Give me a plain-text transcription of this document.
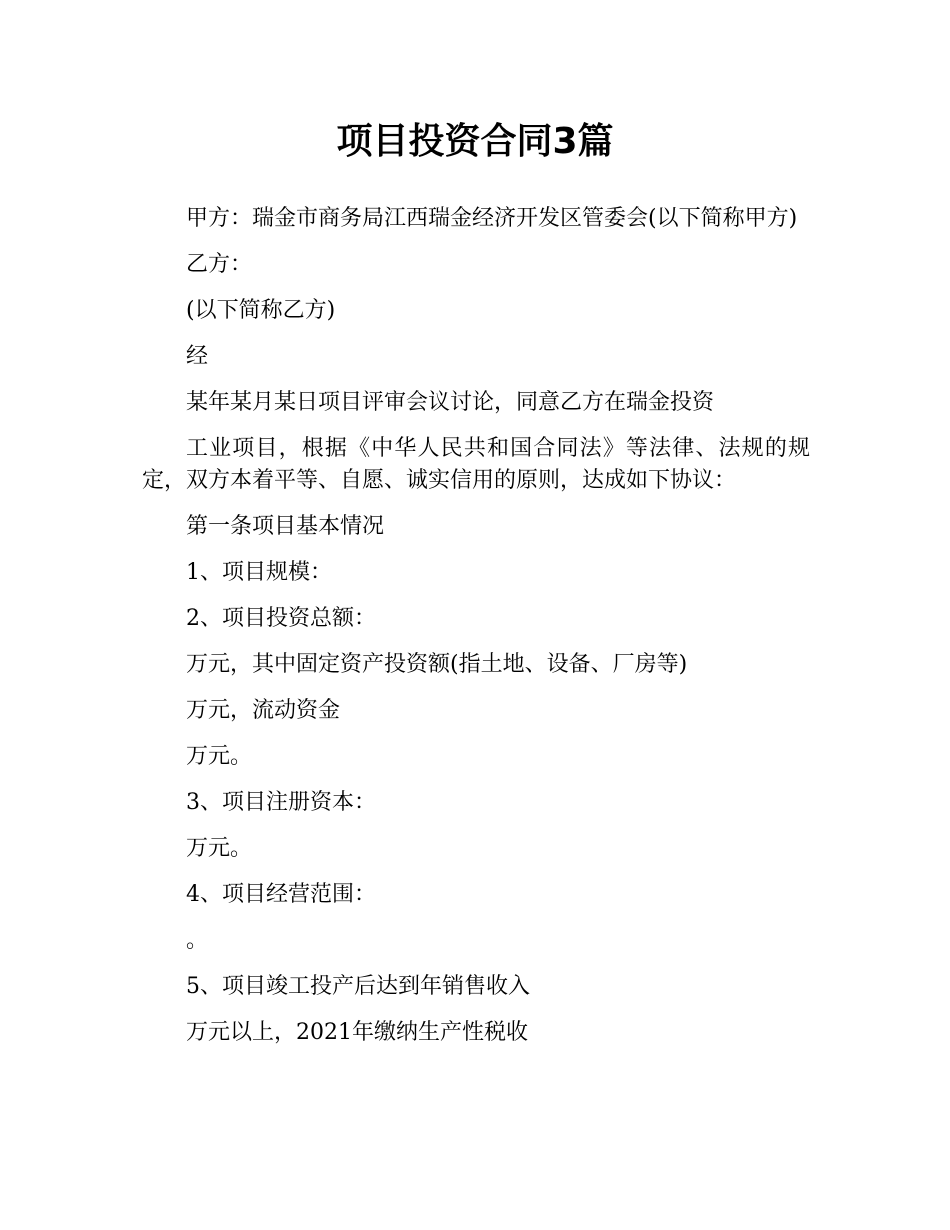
项目投资合同3篇

甲方：瑞金市商务局江西瑞金经济开发区管委会(以下简称甲方)

乙方：

(以下简称乙方)

经

某年某月某日项目评审会议讨论，同意乙方在瑞金投资

工业项目，根据《中华人民共和国合同法》等法律、法规的规定，双方本着平等、自愿、诚实信用的原则，达成如下协议：

第一条项目基本情况

1、项目规模：

2、项目投资总额：

万元，其中固定资产投资额(指土地、设备、厂房等)

万元，流动资金

万元。

3、项目注册资本：

万元。

4、项目经营范围：

。

5、项目竣工投产后达到年销售收入

万元以上，2021年缴纳生产性税收
